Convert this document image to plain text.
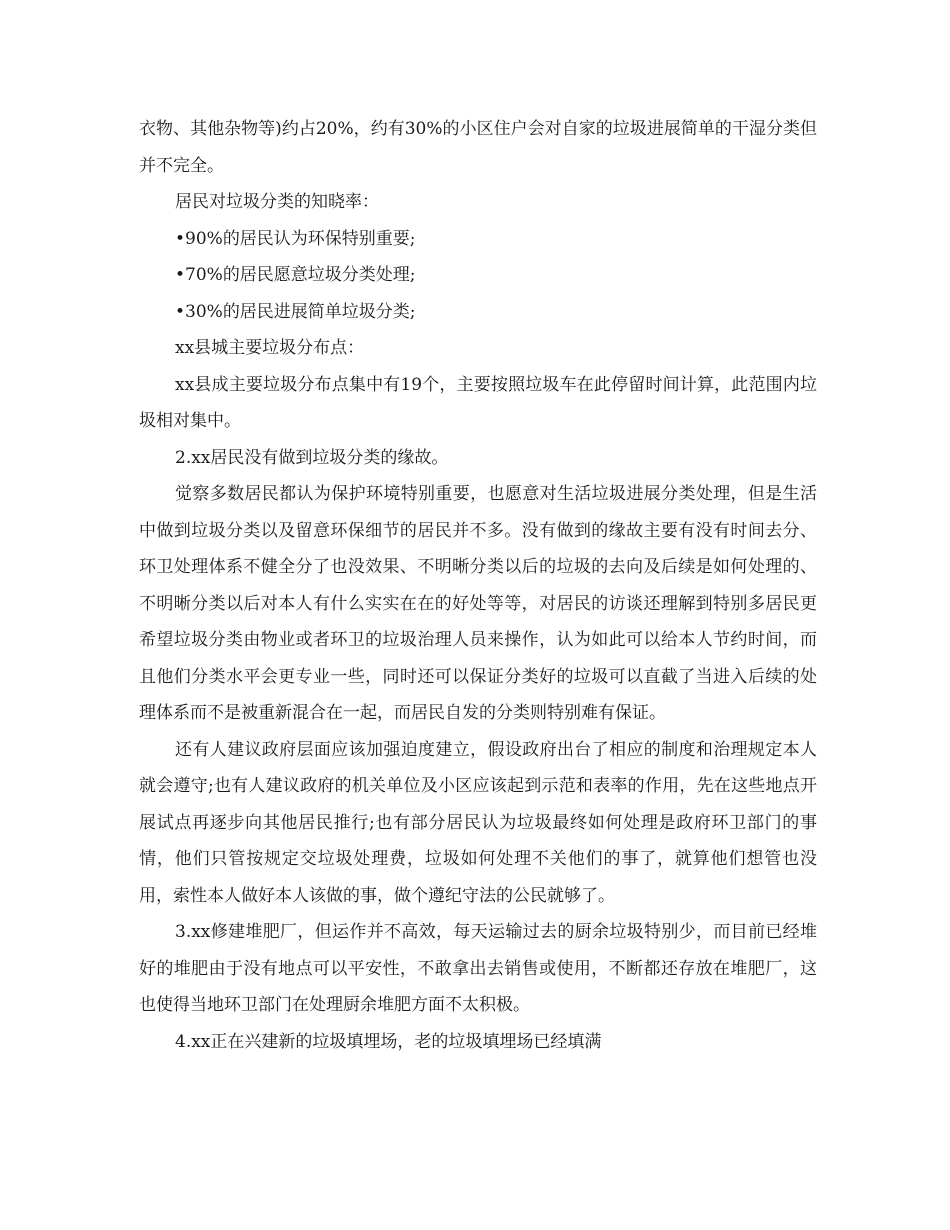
衣物、其他杂物等)约占20%，约有30%的小区住户会对自家的垃圾进展简单的干湿分类但并不完全。

居民对垃圾分类的知晓率：

•90%的居民认为环保特别重要;

•70%的居民愿意垃圾分类处理;

•30%的居民进展简单垃圾分类;

xx县城主要垃圾分布点：

xx县成主要垃圾分布点集中有19个，主要按照垃圾车在此停留时间计算，此范围内垃圾相对集中。

2.xx居民没有做到垃圾分类的缘故。

觉察多数居民都认为保护环境特别重要，也愿意对生活垃圾进展分类处理，但是生活中做到垃圾分类以及留意环保细节的居民并不多。没有做到的缘故主要有没有时间去分、环卫处理体系不健全分了也没效果、不明晰分类以后的垃圾的去向及后续是如何处理的、不明晰分类以后对本人有什么实实在在的好处等等，对居民的访谈还理解到特别多居民更希望垃圾分类由物业或者环卫的垃圾治理人员来操作，认为如此可以给本人节约时间，而且他们分类水平会更专业一些，同时还可以保证分类好的垃圾可以直截了当进入后续的处理体系而不是被重新混合在一起，而居民自发的分类则特别难有保证。

还有人建议政府层面应该加强迫度建立，假设政府出台了相应的制度和治理规定本人就会遵守;也有人建议政府的机关单位及小区应该起到示范和表率的作用，先在这些地点开展试点再逐步向其他居民推行;也有部分居民认为垃圾最终如何处理是政府环卫部门的事情，他们只管按规定交垃圾处理费，垃圾如何处理不关他们的事了，就算他们想管也没用，索性本人做好本人该做的事，做个遵纪守法的公民就够了。

3.xx修建堆肥厂，但运作并不高效，每天运输过去的厨余垃圾特别少，而目前已经堆好的堆肥由于没有地点可以平安性，不敢拿出去销售或使用，不断都还存放在堆肥厂，这也使得当地环卫部门在处理厨余堆肥方面不太积极。

4.xx正在兴建新的垃圾填埋场，老的垃圾填埋场已经填满
